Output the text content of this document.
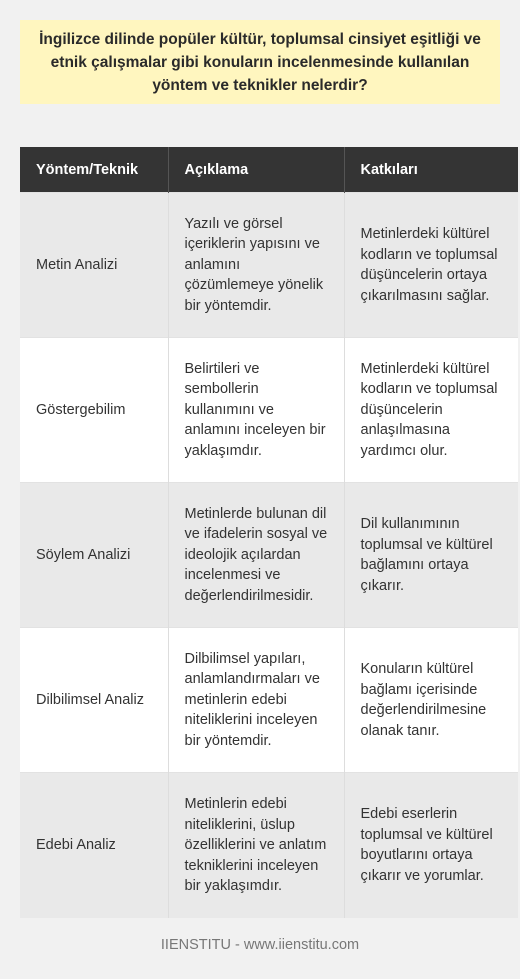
İngilizce dilinde popüler kültür, toplumsal cinsiyet eşitliği ve etnik çalışmalar gibi konuların incelenmesinde kullanılan yöntem ve teknikler nelerdir?

Yöntem/Teknik	Açıklama	Katkıları
Metin Analizi	Yazılı ve görsel içeriklerin yapısını ve anlamını çözümlemeye yönelik bir yöntemdir.	Metinlerdeki kültürel kodların ve toplumsal düşüncelerin ortaya çıkarılmasını sağlar.
Göstergebilim	Belirtileri ve sembollerin kullanımını ve anlamını inceleyen bir yaklaşımdır.	Metinlerdeki kültürel kodların ve toplumsal düşüncelerin anlaşılmasına yardımcı olur.
Söylem Analizi	Metinlerde bulunan dil ve ifadelerin sosyal ve ideolojik açılardan incelenmesi ve değerlendirilmesidir.	Dil kullanımının toplumsal ve kültürel bağlamını ortaya çıkarır.
Dilbilimsel Analiz	Dilbilimsel yapıları, anlamlandırmaları ve metinlerin edebi niteliklerini inceleyen bir yöntemdir.	Konuların kültürel bağlamı içerisinde değerlendirilmesine olanak tanır.
Edebi Analiz	Metinlerin edebi niteliklerini, üslup özelliklerini ve anlatım tekniklerini inceleyen bir yaklaşımdır.	Edebi eserlerin toplumsal ve kültürel boyutlarını ortaya çıkarır ve yorumlar.
IIENSTITU - www.iienstitu.com
